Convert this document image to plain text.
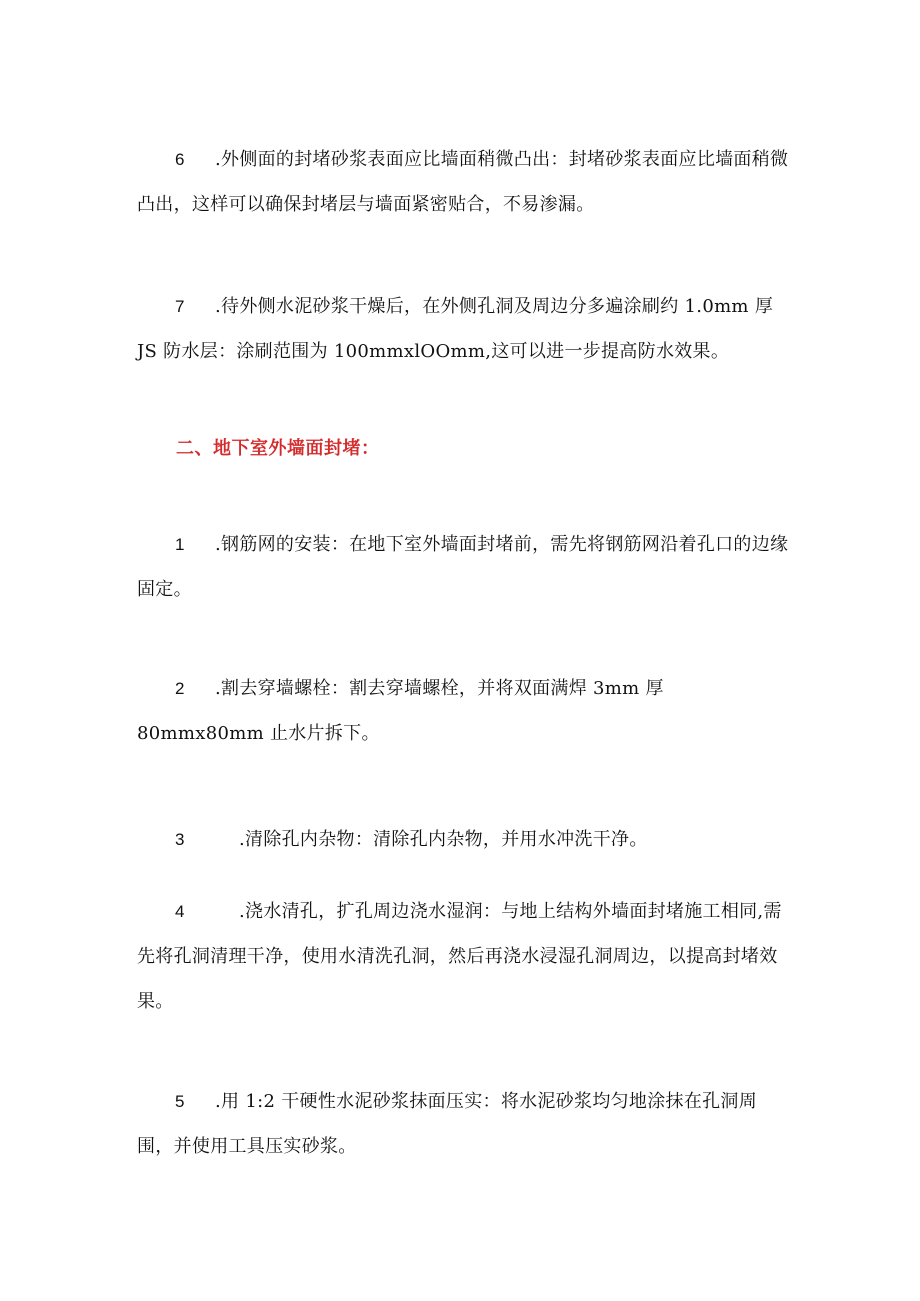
6 .外侧面的封堵砂浆表面应比墙面稍微凸出：封堵砂浆表面应比墙面稍微凸出，这样可以确保封堵层与墙面紧密贴合，不易渗漏。

7 .待外侧水泥砂浆干燥后，在外侧孔洞及周边分多遍涂刷约 1.0mm 厚 JS 防水层：涂刷范围为 100mmxlOOmm,这可以进一步提高防水效果。

二、地下室外墙面封堵：

1 .钢筋网的安装：在地下室外墙面封堵前，需先将钢筋网沿着孔口的边缘固定。

2 .割去穿墙螺栓：割去穿墙螺栓，并将双面满焊 3mm 厚 80mmx80mm 止水片拆下。

3	.清除孔内杂物：清除孔内杂物，并用水冲洗干净。

4	.浇水清孔，扩孔周边浇水湿润：与地上结构外墙面封堵施工相同,需先将孔洞清理干净，使用水清洗孔洞，然后再浇水浸湿孔洞周边，以提高封堵效果。

5 .用 1:2 干硬性水泥砂浆抹面压实：将水泥砂浆均匀地涂抹在孔洞周围，并使用工具压实砂浆。
